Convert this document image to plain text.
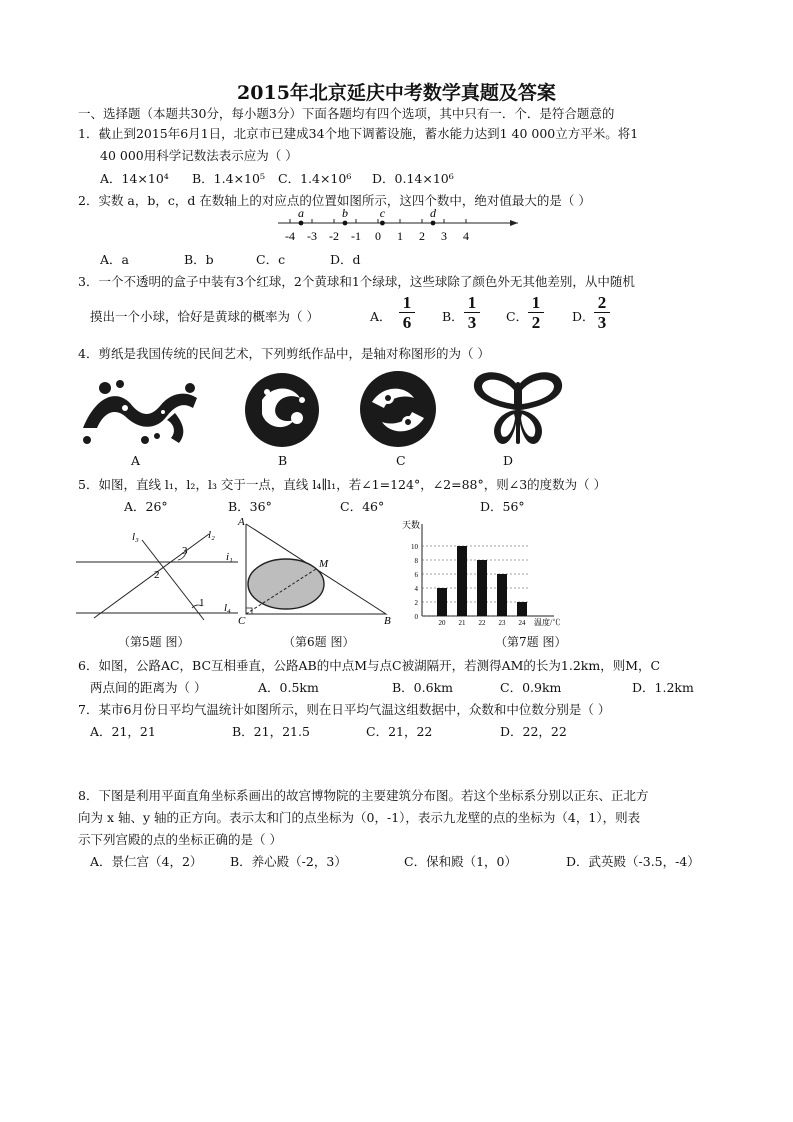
2015年北京延庆中考数学真题及答案
一、选择题（本题共30分，每小题3分）下面各题均有四个选项，其中只有一．个．是符合题意的
1．截止到2015年6月1日，北京市已建成34个地下调蓄设施，蓄水能力达到1 40 000立方平米。将1
40 000用科学记数法表示应为（ ）
A．14×10⁴ B．1.4×10⁵ C．1.4×10⁶ D．0.14×10⁶
2．实数 a，b，c，d 在数轴上的对应点的位置如图所示，这四个数中，绝对值最大的是（ ）
-4 -3 -2 -1 0 1 2 3 4
a	b	c	d
A．a	B．b	C．c	D．d
3．一个不透明的盒子中装有3个红球，2个黄球和1个绿球，这些球除了颜色外无其他差别，从中随机
摸出一个小球，恰好是黄球的概率为（ ）	A．
1
6	B．
1
3	C．
1
2	D．
2
3
4．剪纸是我国传统的民间艺术，下列剪纸作品中，是轴对称图形的为（ ）
A	B	C	D
5．如图，直线 l₁，l₂，l₃ 交于一点，直线 l₄∥l₁，若∠1=124°，∠2=88°，则∠3的度数为（ ）
A．26°	B．36°	C．46°	D．56°
l₃	l₂
i₁
l₄
1
2
3
A
C	B
M
天数
温度/℃
0
2
4
6
8
10
20 21 22 23 24
（第5题 图）	（第6题 图）	（第7题 图）
6．如图，公路AC，BC互相垂直，公路AB的中点M与点C被湖隔开，若测得AM的长为1.2km，则M，C
两点间的距离为（ ）	A．0.5km	B．0.6km	C．0.9km	D．1.2km
7．某市6月份日平均气温统计如图所示，则在日平均气温这组数据中，众数和中位数分别是（ ）
A．21，21	B．21，21.5	C．21，22	D．22，22
8．下图是利用平面直角坐标系画出的故宫博物院的主要建筑分布图。若这个坐标系分别以正东、正北方
向为 x 轴、y 轴的正方向。表示太和门的点坐标为（0，-1），表示九龙壁的点的坐标为（4，1），则表
示下列宫殿的点的坐标正确的是（ ）
A．景仁宫（4，2） B．养心殿（-2，3）	C．保和殿（1，0）	D．武英殿（-3.5，-4）
